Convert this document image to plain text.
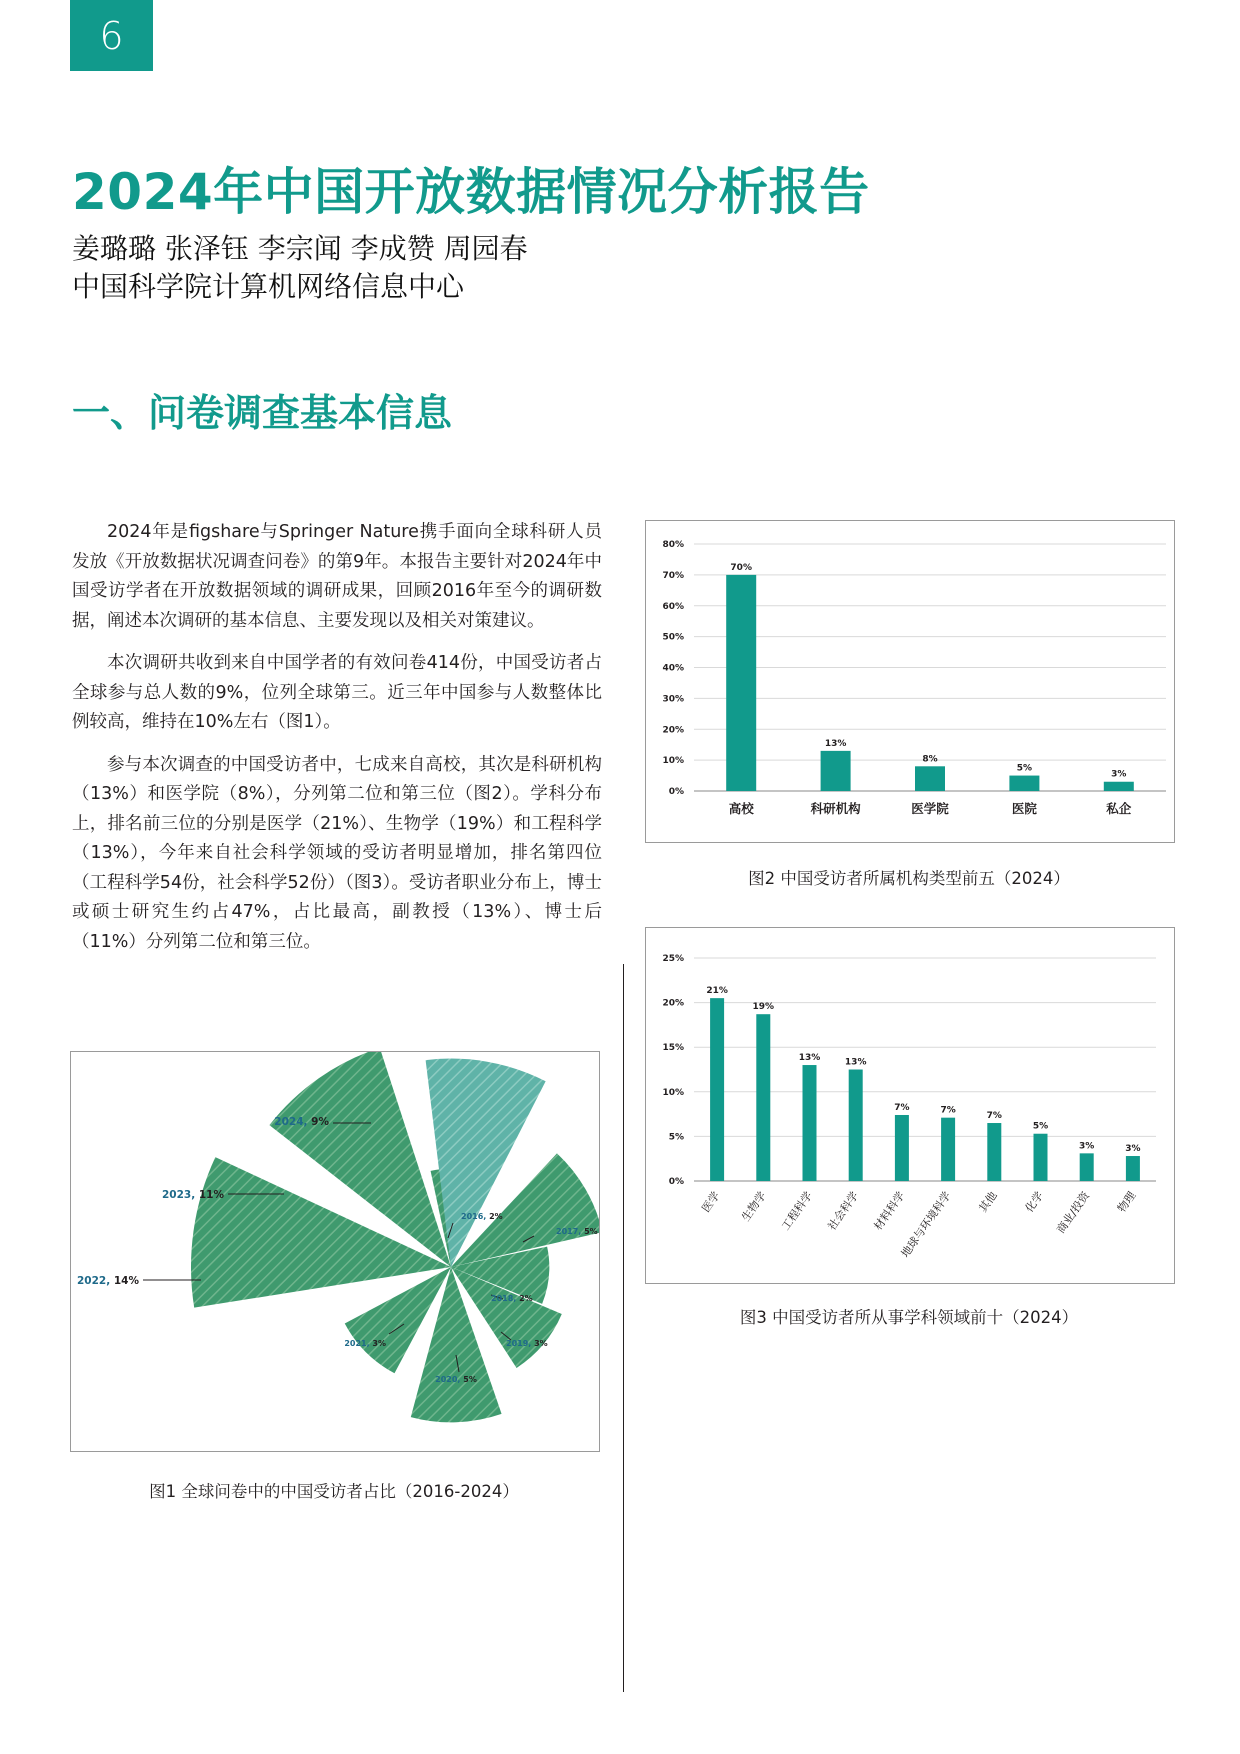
6
2024年中国开放数据情况分析报告
姜璐璐 张泽钰 李宗闻 李成赞 周园春
中国科学院计算机网络信息中心
一、问卷调查基本信息

2024年是figshare与Springer Nature携手面向全球科研人员发放《开放数据状况调查问卷》的第9年。本报告主要针对2024年中国受访学者在开放数据领域的调研成果，回顾2016年至今的调研数据，阐述本次调研的基本信息、主要发现以及相关对策建议。

本次调研共收到来自中国学者的有效问卷414份，中国受访者占全球参与总人数的9%，位列全球第三。近三年中国参与人数整体比例较高，维持在10%左右（图1）。

参与本次调查的中国受访者中，七成来自高校，其次是科研机构（13%）和医学院（8%），分列第二位和第三位（图2）。学科分布上，排名前三位的分别是医学（21%）、生物学（19%）和工程科学（13%），今年来自社会科学领域的受访者明显增加，排名第四位（工程科学54份，社会科学52份）（图3）。受访者职业分布上，博士或硕士研究生约占47%，占比最高，副教授（13%）、博士后（11%）分列第二位和第三位。

2016, 2%
2017, 5%
2018, 2%
2019, 3%
2020, 5%
2021, 3%
2022, 14%
2023, 11%
2024, 9%
图1 全球问卷中的中国受访者占比（2016-2024）
0%
10%
20%
30%
40%
50%
60%
70%
80%
70%
高校
13%
科研机构
8%
医学院
5%
医院
3%
私企
图2 中国受访者所属机构类型前五（2024）
0%
5%
10%
15%
20%
25%
21%
医学
19%
生物学
13%
工程科学
13%
社会科学
7%
材料科学
7%
地球与环境科学
7%
其他
5%
化学
3%
商业/投资
3%
物理
图3 中国受访者所从事学科领域前十（2024）
